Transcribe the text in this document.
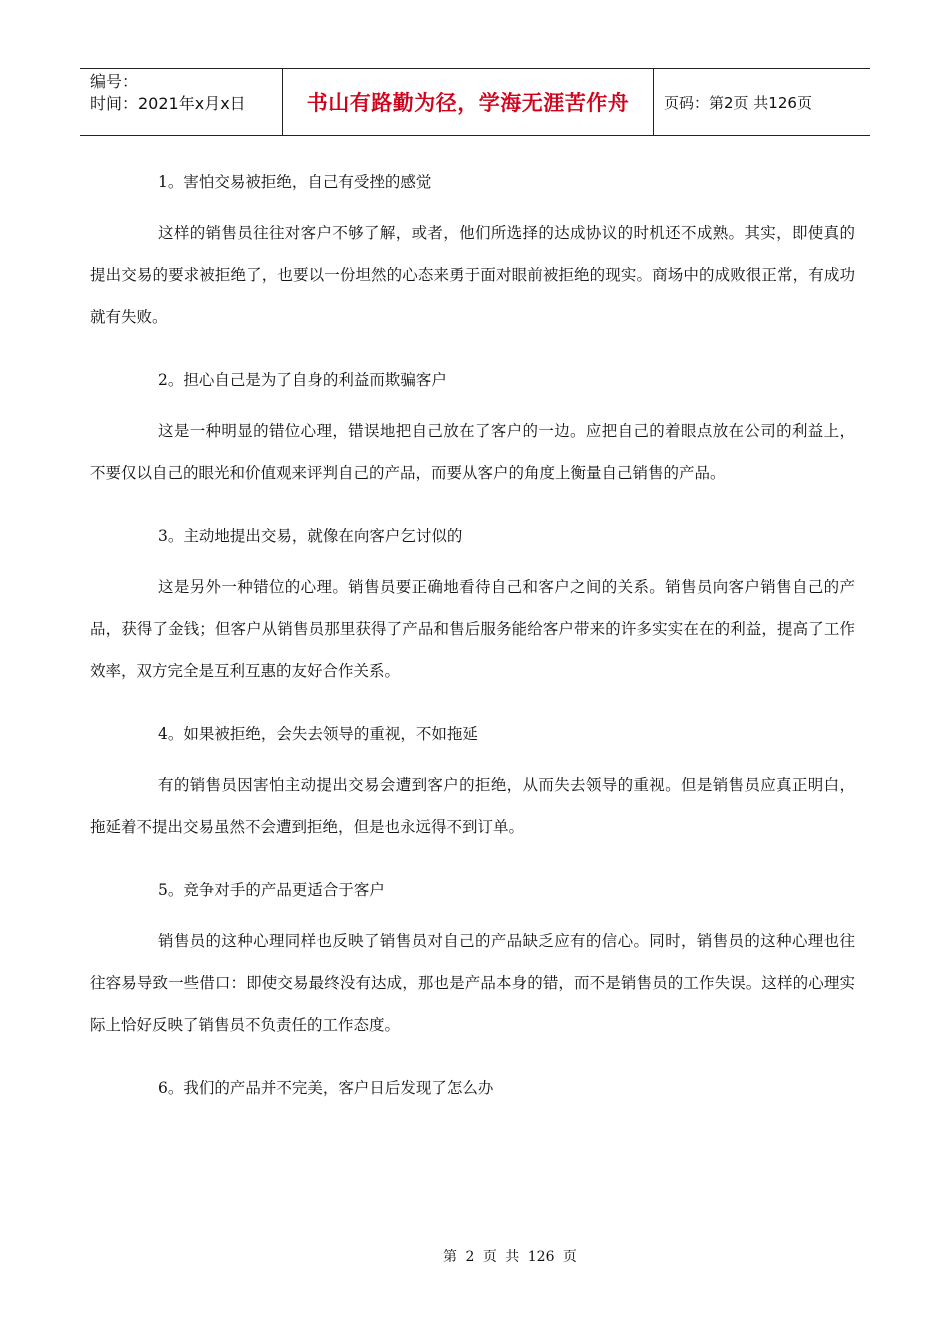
编号：
时间：2021年x月x日	书山有路勤为径，学海无涯苦作舟	页码：第2页 共126页

1。害怕交易被拒绝，自己有受挫的感觉

这样的销售员往往对客户不够了解，或者，他们所选择的达成协议的时机还不成熟。其实，即使真的提出交易的要求被拒绝了，也要以一份坦然的心态来勇于面对眼前被拒绝的现实。商场中的成败很正常，有成功就有失败。

2。担心自己是为了自身的利益而欺骗客户

这是一种明显的错位心理，错误地把自己放在了客户的一边。应把自己的着眼点放在公司的利益上，不要仅以自己的眼光和价值观来评判自己的产品，而要从客户的角度上衡量自己销售的产品。

3。主动地提出交易，就像在向客户乞讨似的

这是另外一种错位的心理。销售员要正确地看待自己和客户之间的关系。销售员向客户销售自己的产品，获得了金钱；但客户从销售员那里获得了产品和售后服务能给客户带来的许多实实在在的利益，提高了工作效率，双方完全是互利互惠的友好合作关系。

4。如果被拒绝，会失去领导的重视，不如拖延

有的销售员因害怕主动提出交易会遭到客户的拒绝，从而失去领导的重视。但是销售员应真正明白，拖延着不提出交易虽然不会遭到拒绝，但是也永远得不到订单。

5。竞争对手的产品更适合于客户

销售员的这种心理同样也反映了销售员对自己的产品缺乏应有的信心。同时，销售员的这种心理也往往容易导致一些借口：即使交易最终没有达成，那也是产品本身的错，而不是销售员的工作失误。这样的心理实际上恰好反映了销售员不负责任的工作态度。

6。我们的产品并不完美，客户日后发现了怎么办

第 2 页 共 126 页
